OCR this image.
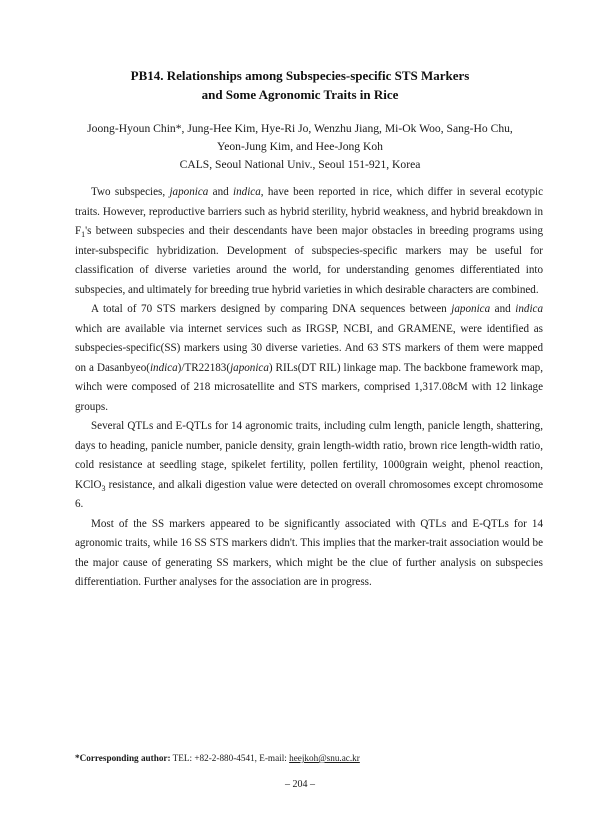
PB14. Relationships among Subspecies-specific STS Markers
and Some Agronomic Traits in Rice
Joong-Hyoun Chin*, Jung-Hee Kim, Hye-Ri Jo, Wenzhu Jiang, Mi-Ok Woo, Sang-Ho Chu,
Yeon-Jung Kim, and Hee-Jong Koh
CALS, Seoul National Univ., Seoul 151-921, Korea

Two subspecies, japonica and indica, have been reported in rice, which differ in several ecotypic traits. However, reproductive barriers such as hybrid sterility, hybrid weakness, and hybrid breakdown in $F_1's$ between subspecies and their descendants have been major obstacles in breeding programs using inter-subspecific hybridization. Development of subspecies-specific markers may be useful for classification of diverse varieties around the world, for understanding genomes differentiated into subspecies, and ultimately for breeding true hybrid varieties in which desirable characters are combined.

A total of 70 STS markers designed by comparing DNA sequences between japonica and indica which are available via internet services such as IRGSP, NCBI, and GRAMENE, were identified as subspecies-specific(SS) markers using 30 diverse varieties. And 63 STS markers of them were mapped on a Dasanbyeo(indica)/TR22183(japonica) RILs(DT RIL) linkage map. The backbone framework map, wihch were composed of 218 microsatellite and STS markers, comprised 1,317.08cM with 12 linkage groups.

Several QTLs and E-QTLs for 14 agronomic traits, including culm length, panicle length, shattering, days to heading, panicle number, panicle density, grain length-width ratio, brown rice length-width ratio, cold resistance at seedling stage, spikelet fertility, pollen fertility, 1000grain weight, phenol reaction, KClO$_3$ resistance, and alkali digestion value were detected on overall chromosomes except chromosome 6.

Most of the SS markers appeared to be significantly associated with QTLs and E-QTLs for 14 agronomic traits, while 16 SS STS markers didn't. This implies that the marker-trait association would be the major cause of generating SS markers, which might be the clue of further analysis on subspecies differentiation. Further analyses for the association are in progress.

*Corresponding author: TEL: +82-2-880-4541, E-mail: heejkoh@snu.ac.kr
– 204 –
